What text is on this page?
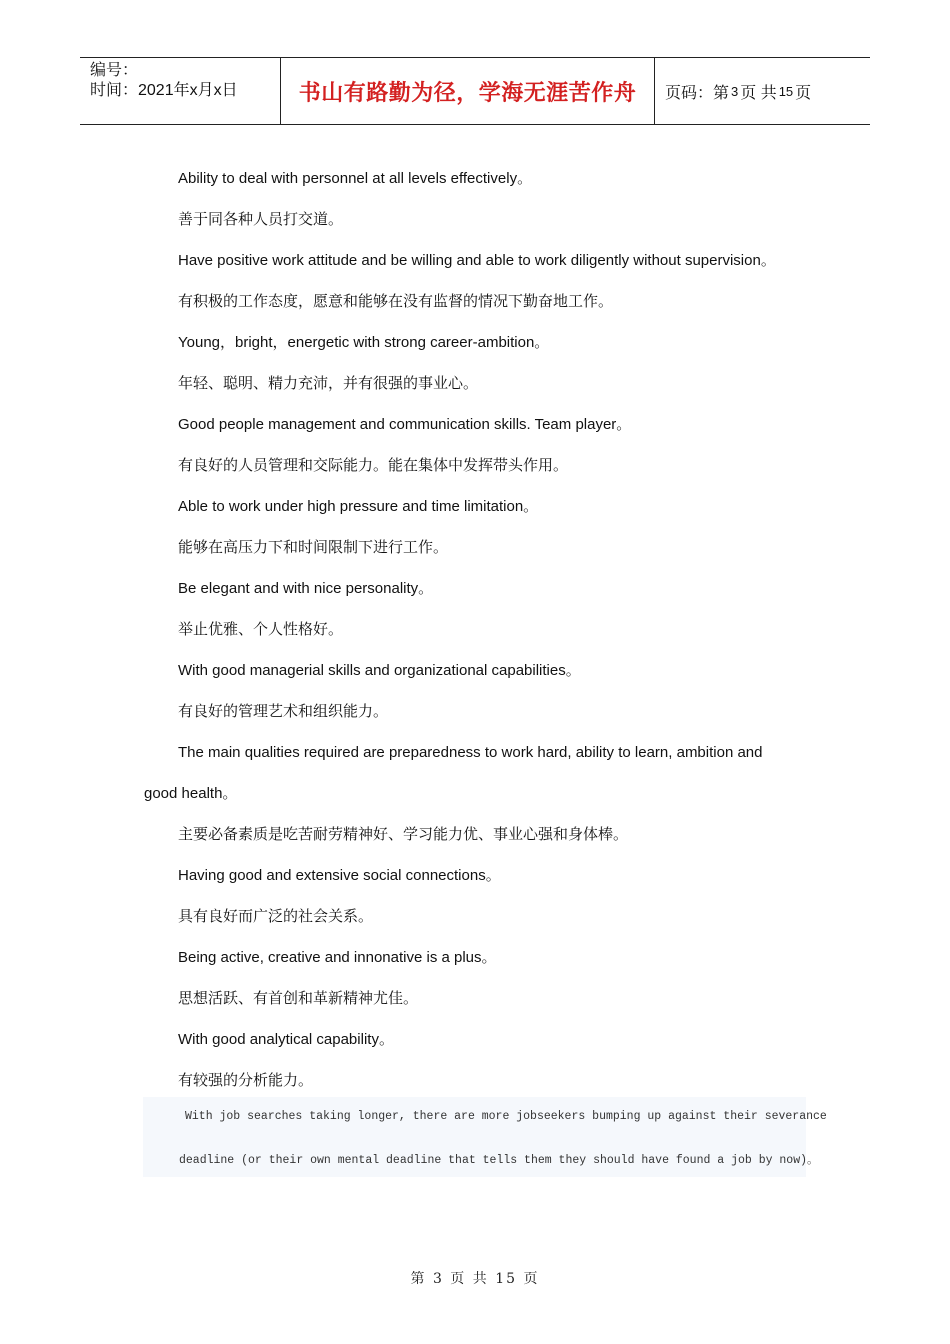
编号：
时间：2021年x月x日	书山有路勤为径，学海无涯苦作舟	页码：第 3 页 共 15 页
Ability to deal with personnel at all levels effectively。
善于同各种人员打交道。
Have positive work attitude and be willing and able to work diligently without supervision。
有积极的工作态度，愿意和能够在没有监督的情况下勤奋地工作。
Young，bright，energetic with strong career-ambition。
年轻、聪明、精力充沛，并有很强的事业心。
Good people management and communication skills. Team player。
有良好的人员管理和交际能力。能在集体中发挥带头作用。
Able to work under high pressure and time limitation。
能够在高压力下和时间限制下进行工作。
Be elegant and with nice personality。
举止优雅、个人性格好。
With good managerial skills and organizational capabilities。
有良好的管理艺术和组织能力。
The main qualities required are preparedness to work hard, ability to learn, ambition and
good health。
主要必备素质是吃苦耐劳精神好、学习能力优、事业心强和身体棒。
Having good and extensive social connections。
具有良好而广泛的社会关系。
Being active, creative and innonative is a plus。
思想活跃、有首创和革新精神尤佳。
With good analytical capability。
有较强的分析能力。
With job searches taking longer, there are more jobseekers bumping up against their severance
deadline (or their own mental deadline that tells them they should have found a job by now)。
第 3 页 共 15 页
